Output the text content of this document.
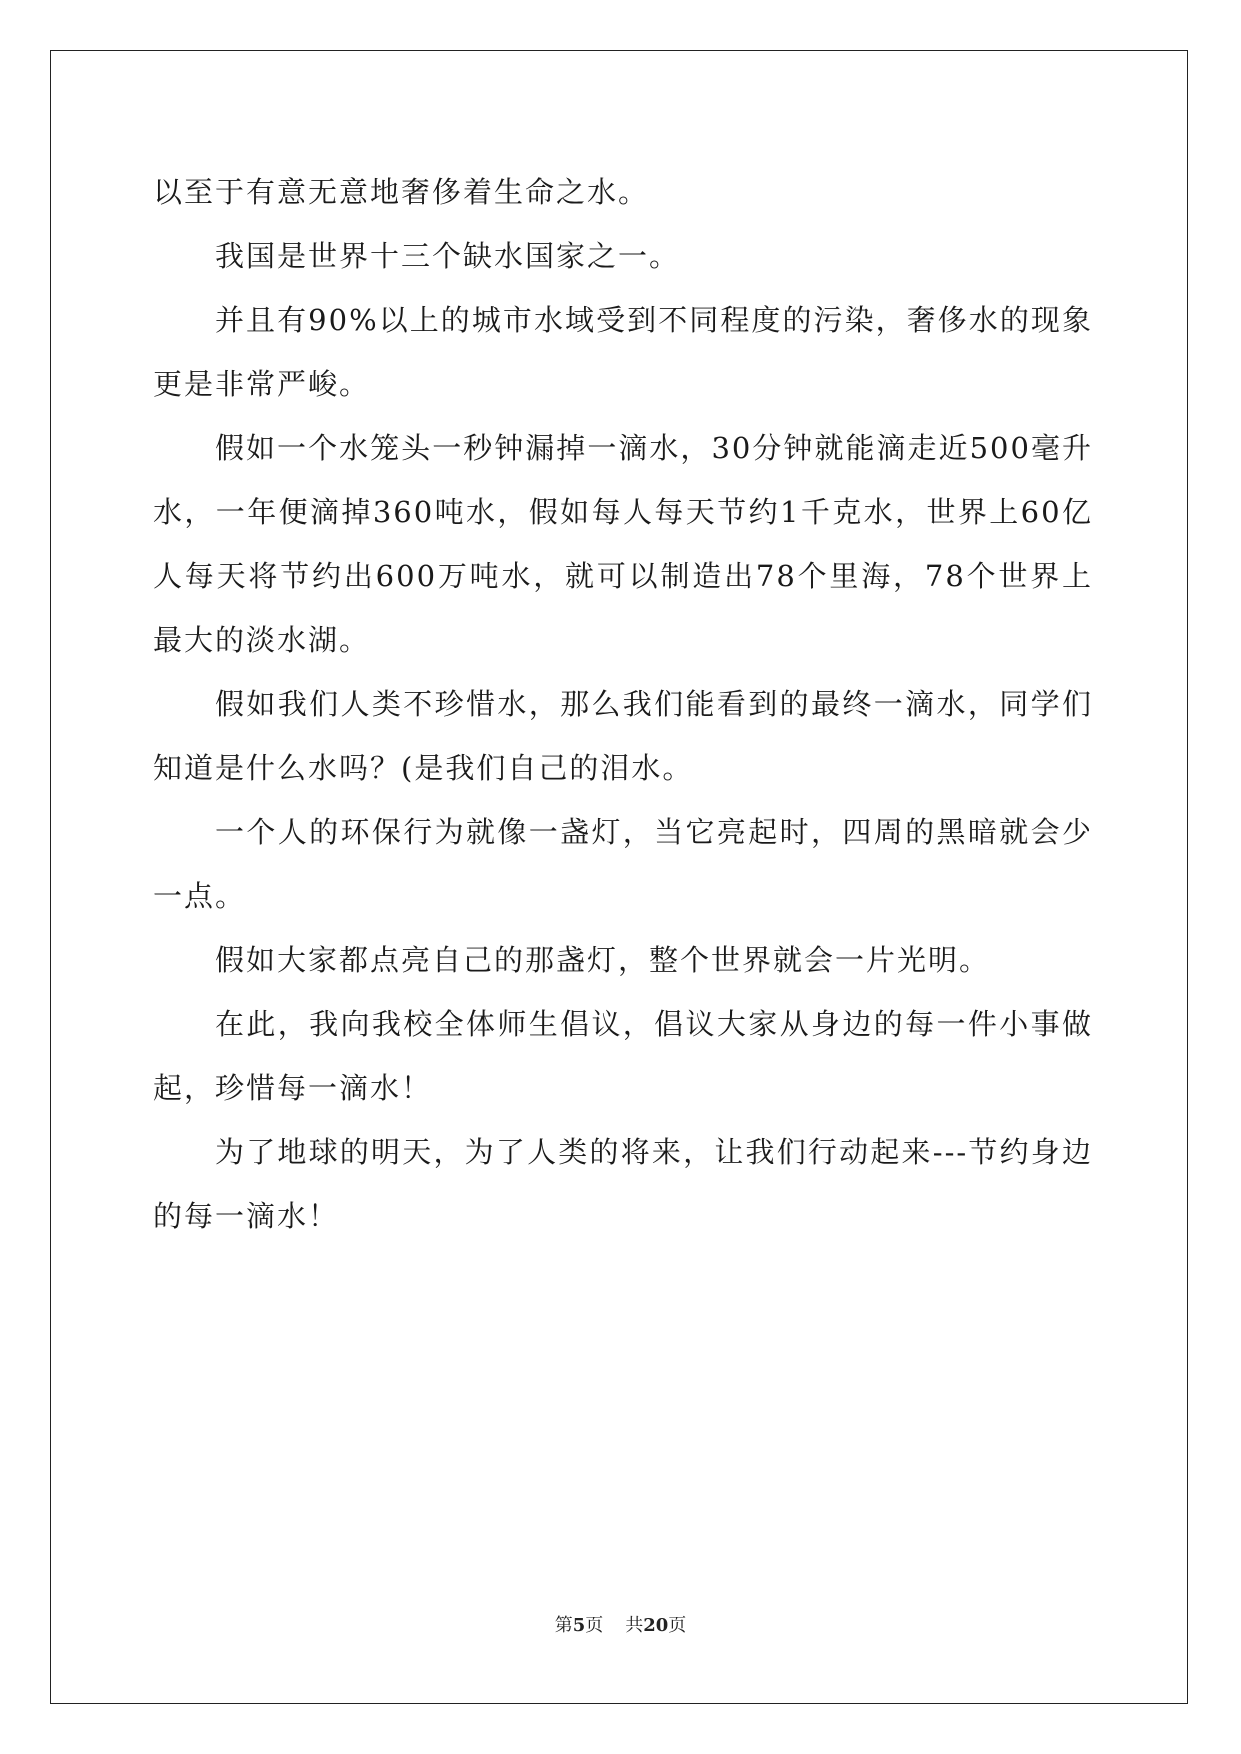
以至于有意无意地奢侈着生命之水。

我国是世界十三个缺水国家之一。

并且有90%以上的城市水域受到不同程度的污染，奢侈水的现象更是非常严峻。

假如一个水笼头一秒钟漏掉一滴水，30分钟就能滴走近500毫升水，一年便滴掉360吨水，假如每人每天节约1千克水，世界上60亿人每天将节约出600万吨水，就可以制造出78个里海，78个世界上最大的淡水湖。

假如我们人类不珍惜水，那么我们能看到的最终一滴水，同学们知道是什么水吗？(是我们自己的泪水。

一个人的环保行为就像一盏灯，当它亮起时，四周的黑暗就会少一点。

假如大家都点亮自己的那盏灯，整个世界就会一片光明。

在此，我向我校全体师生倡议，倡议大家从身边的每一件小事做起，珍惜每一滴水！

为了地球的明天，为了人类的将来，让我们行动起来---节约身边的每一滴水！

第5页 共20页
